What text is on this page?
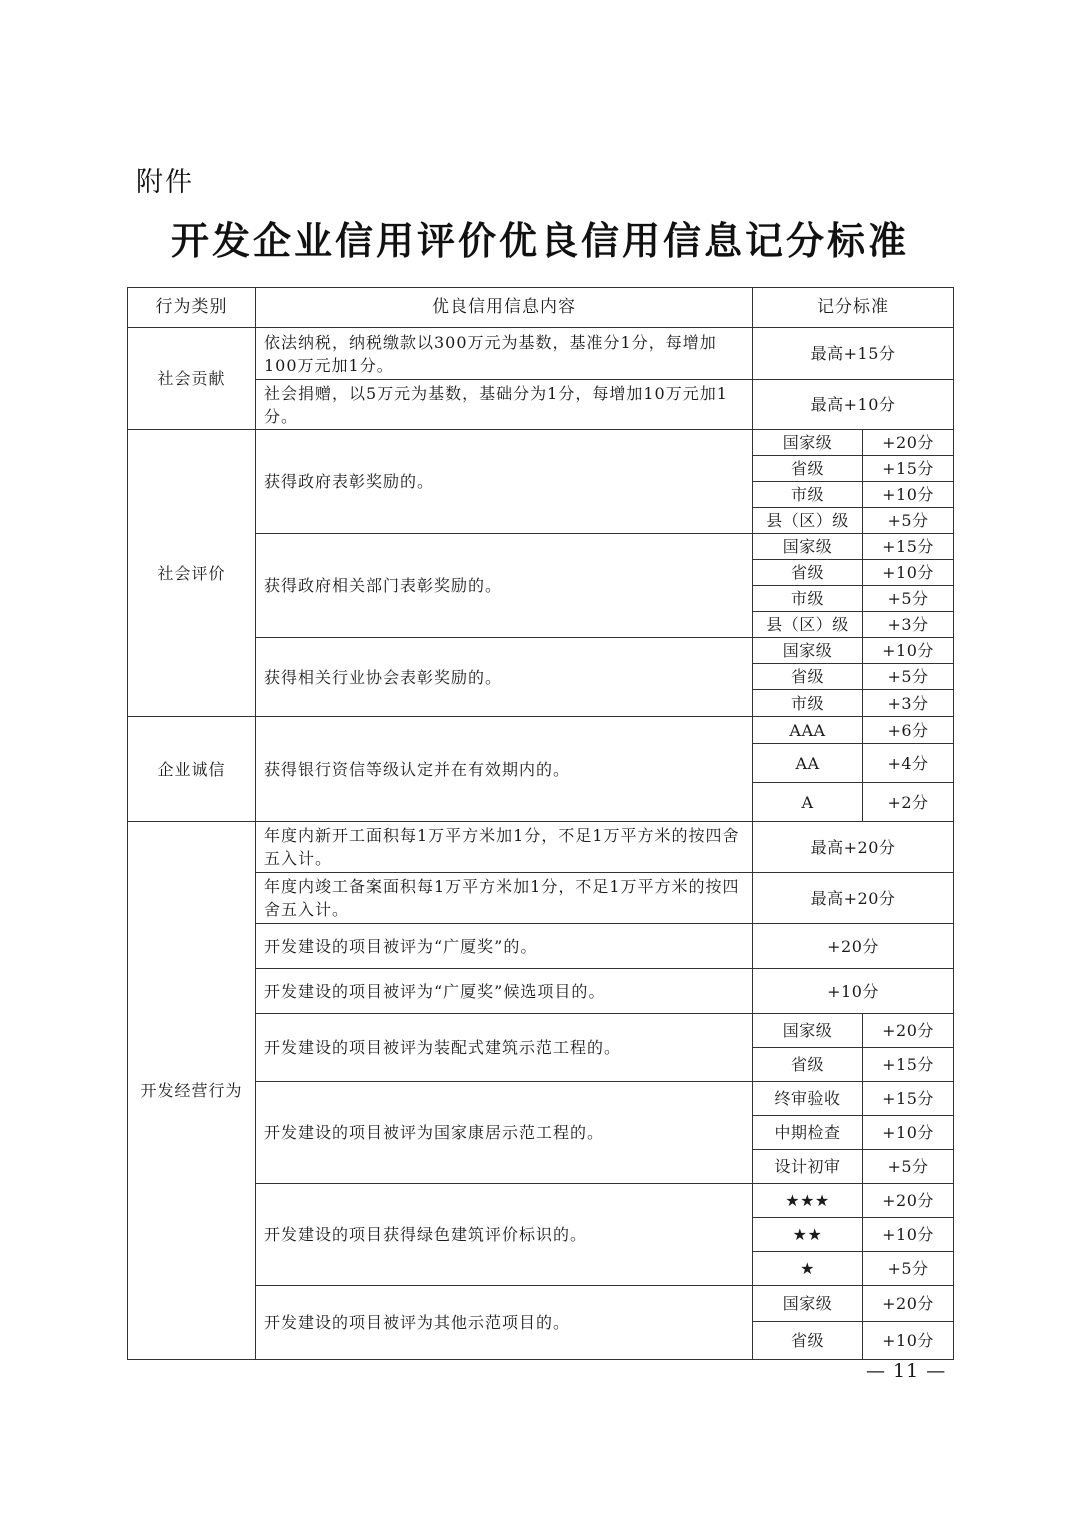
附件
开发企业信用评价优良信用信息记分标准
行为类别	优良信用信息内容	记分标准	
社会贡献	依法纳税，纳税缴款以300万元为基数，基准分1分，每增加100万元加1分。	最高+15分	
	社会捐赠，以5万元为基数，基础分为1分，每增加10万元加1分。	最高+10分	
社会评价	获得政府表彰奖励的。	国家级	+20分
		省级	+15分
		市级	+10分
		县（区）级	+5分
	获得政府相关部门表彰奖励的。	国家级	+15分
		省级	+10分
		市级	+5分
		县（区）级	+3分
	获得相关行业协会表彰奖励的。	国家级	+10分
		省级	+5分
		市级	+3分
企业诚信	获得银行资信等级认定并在有效期内的。	AAA	+6分
		AA	+4分
		A	+2分
开发经营行为	年度内新开工面积每1万平方米加1分，不足1万平方米的按四舍五入计。	最高+20分	
	年度内竣工备案面积每1万平方米加1分，不足1万平方米的按四舍五入计。	最高+20分	
	开发建设的项目被评为“广厦奖”的。	+20分	
	开发建设的项目被评为“广厦奖”候选项目的。	+10分	
	开发建设的项目被评为装配式建筑示范工程的。	国家级	+20分
		省级	+15分
	开发建设的项目被评为国家康居示范工程的。	终审验收	+15分
		中期检查	+10分
		设计初审	+5分
	开发建设的项目获得绿色建筑评价标识的。	★★★	+20分
		★★	+10分
		★	+5分
	开发建设的项目被评为其他示范项目的。	国家级	+20分
		省级	+10分
— 11 —
